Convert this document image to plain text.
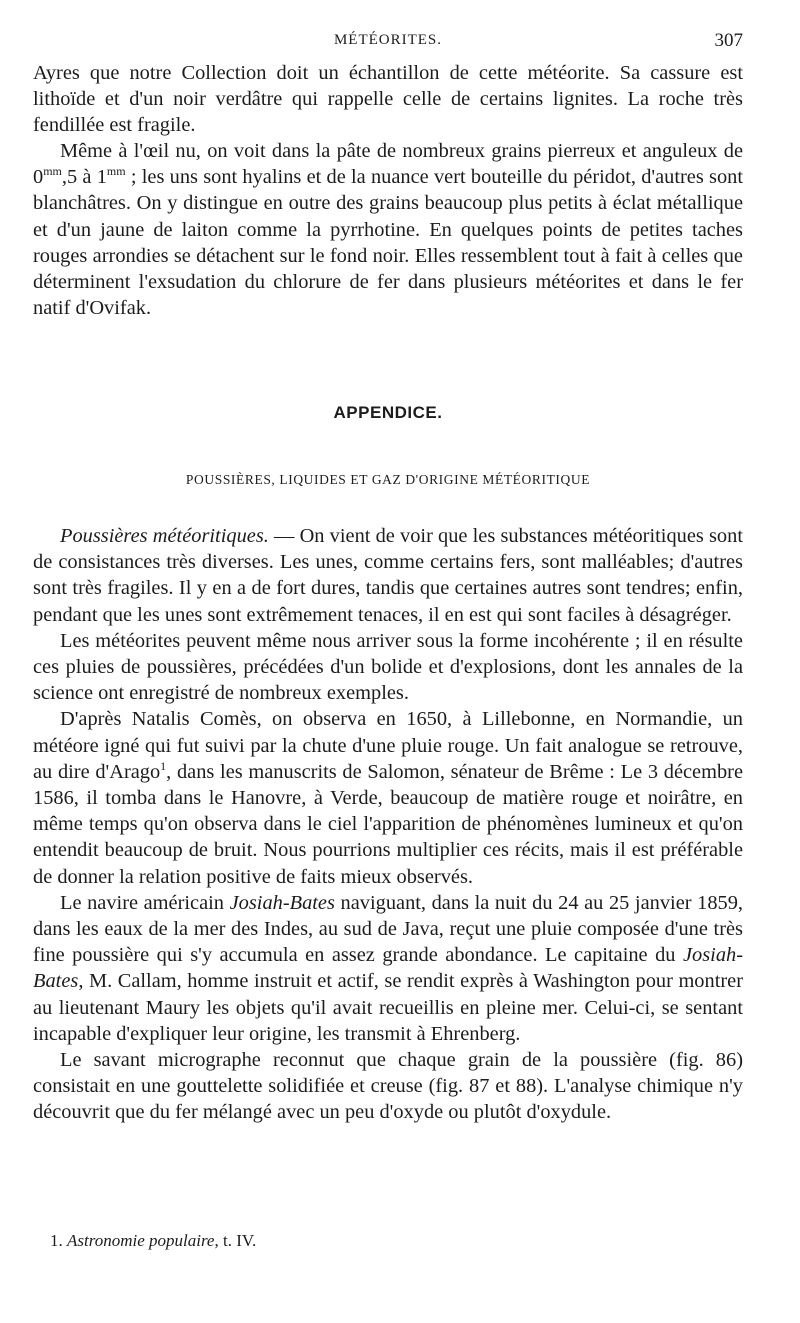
MÉTÉORITES.	307

Ayres que notre Collection doit un échantillon de cette météorite. Sa cassure est lithoïde et d'un noir verdâtre qui rappelle celle de certains lignites. La roche très fendillée est fragile.

Même à l'œil nu, on voit dans la pâte de nombreux grains pierreux et anguleux de $0^{mm},5$ à $1^{mm}$ ; les uns sont hyalins et de la nuance vert bouteille du péridot, d'autres sont blanchâtres. On y distingue en outre des grains beaucoup plus petits à éclat métallique et d'un jaune de laiton comme la pyrrhotine. En quelques points de petites taches rouges arrondies se détachent sur le fond noir. Elles ressemblent tout à fait à celles que déterminent l'exsudation du chlorure de fer dans plusieurs météorites et dans le fer natif d'Ovifak.

APPENDICE.
POUSSIÈRES, LIQUIDES ET GAZ D'ORIGINE MÉTÉORITIQUE

Poussières météoritiques. — On vient de voir que les substances météoritiques sont de consistances très diverses. Les unes, comme certains fers, sont malléables; d'autres sont très fragiles. Il y en a de fort dures, tandis que certaines autres sont tendres; enfin, pendant que les unes sont extrêmement tenaces, il en est qui sont faciles à désagréger.

Les météorites peuvent même nous arriver sous la forme incohérente ; il en résulte ces pluies de poussières, précédées d'un bolide et d'explosions, dont les annales de la science ont enregistré de nombreux exemples.

D'après Natalis Comès, on observa en 1650, à Lillebonne, en Normandie, un météore igné qui fut suivi par la chute d'une pluie rouge. Un fait analogue se retrouve, au dire d'Arago$^1$, dans les manuscrits de Salomon, sénateur de Brême : Le 3 décembre 1586, il tomba dans le Hanovre, à Verde, beaucoup de matière rouge et noirâtre, en même temps qu'on observa dans le ciel l'apparition de phénomènes lumineux et qu'on entendit beaucoup de bruit. Nous pourrions multiplier ces récits, mais il est préférable de donner la relation positive de faits mieux observés.

Le navire américain Josiah-Bates naviguant, dans la nuit du 24 au 25 janvier 1859, dans les eaux de la mer des Indes, au sud de Java, reçut une pluie composée d'une très fine poussière qui s'y accumula en assez grande abondance. Le capitaine du Josiah-Bates, M. Callam, homme instruit et actif, se rendit exprès à Washington pour montrer au lieutenant Maury les objets qu'il avait recueillis en pleine mer. Celui-ci, se sentant incapable d'expliquer leur origine, les transmit à Ehrenberg.

Le savant micrographe reconnut que chaque grain de la poussière (fig. 86) consistait en une gouttelette solidifiée et creuse (fig. 87 et 88). L'analyse chimique n'y découvrit que du fer mélangé avec un peu d'oxyde ou plutôt d'oxydule.

1. Astronomie populaire, t. IV.
